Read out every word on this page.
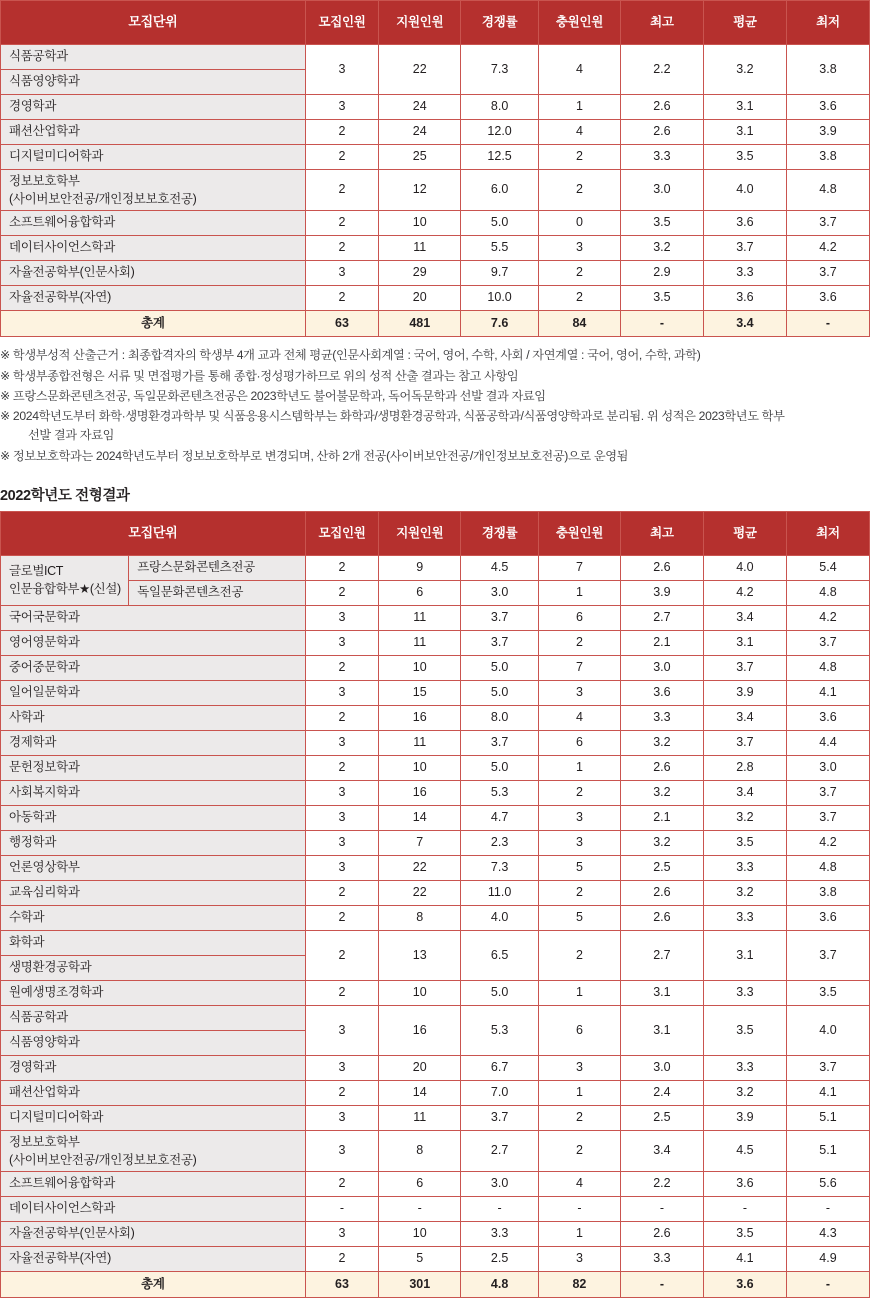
모집단위	모집인원	지원인원	경쟁률	충원인원	최고	평균	최저
식품공학과	3	22	7.3	4	2.2	3.2	3.8
식품영양학과							
경영학과	3	24	8.0	1	2.6	3.1	3.6
패션산업학과	2	24	12.0	4	2.6	3.1	3.9
디지털미디어학과	2	25	12.5	2	3.3	3.5	3.8

정보보호학부
(사이버보안전공/개인정보보호전공)	2	12	6.0	2	3.0	4.0	4.8
소프트웨어융합학과	2	10	5.0	0	3.5	3.6	3.7
데이터사이언스학과	2	11	5.5	3	3.2	3.7	4.2
자율전공학부(인문사회)	3	29	9.7	2	2.9	3.3	3.7
자율전공학부(자연)	2	20	10.0	2	3.5	3.6	3.6
총계	63	481	7.6	84	-	3.4	-
※ 학생부성적 산출근거 : 최종합격자의 학생부 4개 교과 전체 평균(인문사회계열 : 국어, 영어, 수학, 사회 / 자연계열 : 국어, 영어, 수학, 과학)
※ 학생부종합전형은 서류 및 면접평가를 통해 종합·정성평가하므로 위의 성적 산출 결과는 참고 사항임
※ 프랑스문화콘텐츠전공, 독일문화콘텐츠전공은 2023학년도 불어불문학과, 독어독문학과 선발 결과 자료임
※ 2024학년도부터 화학·생명환경과학부 및 식품응용시스템학부는 화학과/생명환경공학과, 식품공학과/식품영양학과로 분리됨. 위 성적은 2023학년도 학부
선발 결과 자료임
※ 정보보호학과는 2024학년도부터 정보보호학부로 변경되며, 산하 2개 전공(사이버보안전공/개인정보보호전공)으로 운영됨
2022학년도 전형결과
모집단위		모집인원	지원인원	경쟁률	충원인원	최고	평균	최저

글로벌ICT
인문융합학부★(신설)	프랑스문화콘텐츠전공	2	9	4.5	7	2.6	4.0	5.4
	독일문화콘텐츠전공	2	6	3.0	1	3.9	4.2	4.8
국어국문학과		3	11	3.7	6	2.7	3.4	4.2
영어영문학과		3	11	3.7	2	2.1	3.1	3.7
중어중문학과		2	10	5.0	7	3.0	3.7	4.8
일어일문학과		3	15	5.0	3	3.6	3.9	4.1
사학과		2	16	8.0	4	3.3	3.4	3.6
경제학과		3	11	3.7	6	3.2	3.7	4.4
문헌정보학과		2	10	5.0	1	2.6	2.8	3.0
사회복지학과		3	16	5.3	2	3.2	3.4	3.7
아동학과		3	14	4.7	3	2.1	3.2	3.7
행정학과		3	7	2.3	3	3.2	3.5	4.2
언론영상학부		3	22	7.3	5	2.5	3.3	4.8
교육심리학과		2	22	11.0	2	2.6	3.2	3.8
수학과		2	8	4.0	5	2.6	3.3	3.6
화학과		2	13	6.5	2	2.7	3.1	3.7
생명환경공학과								
원예생명조경학과		2	10	5.0	1	3.1	3.3	3.5
식품공학과		3	16	5.3	6	3.1	3.5	4.0
식품영양학과								
경영학과		3	20	6.7	3	3.0	3.3	3.7
패션산업학과		2	14	7.0	1	2.4	3.2	4.1
디지털미디어학과		3	11	3.7	2	2.5	3.9	5.1

정보보호학부
(사이버보안전공/개인정보보호전공)		3	8	2.7	2	3.4	4.5	5.1
소프트웨어융합학과		2	6	3.0	4	2.2	3.6	5.6
데이터사이언스학과		-	-	-	-	-	-	-
자율전공학부(인문사회)		3	10	3.3	1	2.6	3.5	4.3
자율전공학부(자연)		2	5	2.5	3	3.3	4.1	4.9
총계		63	301	4.8	82	-	3.6	-
